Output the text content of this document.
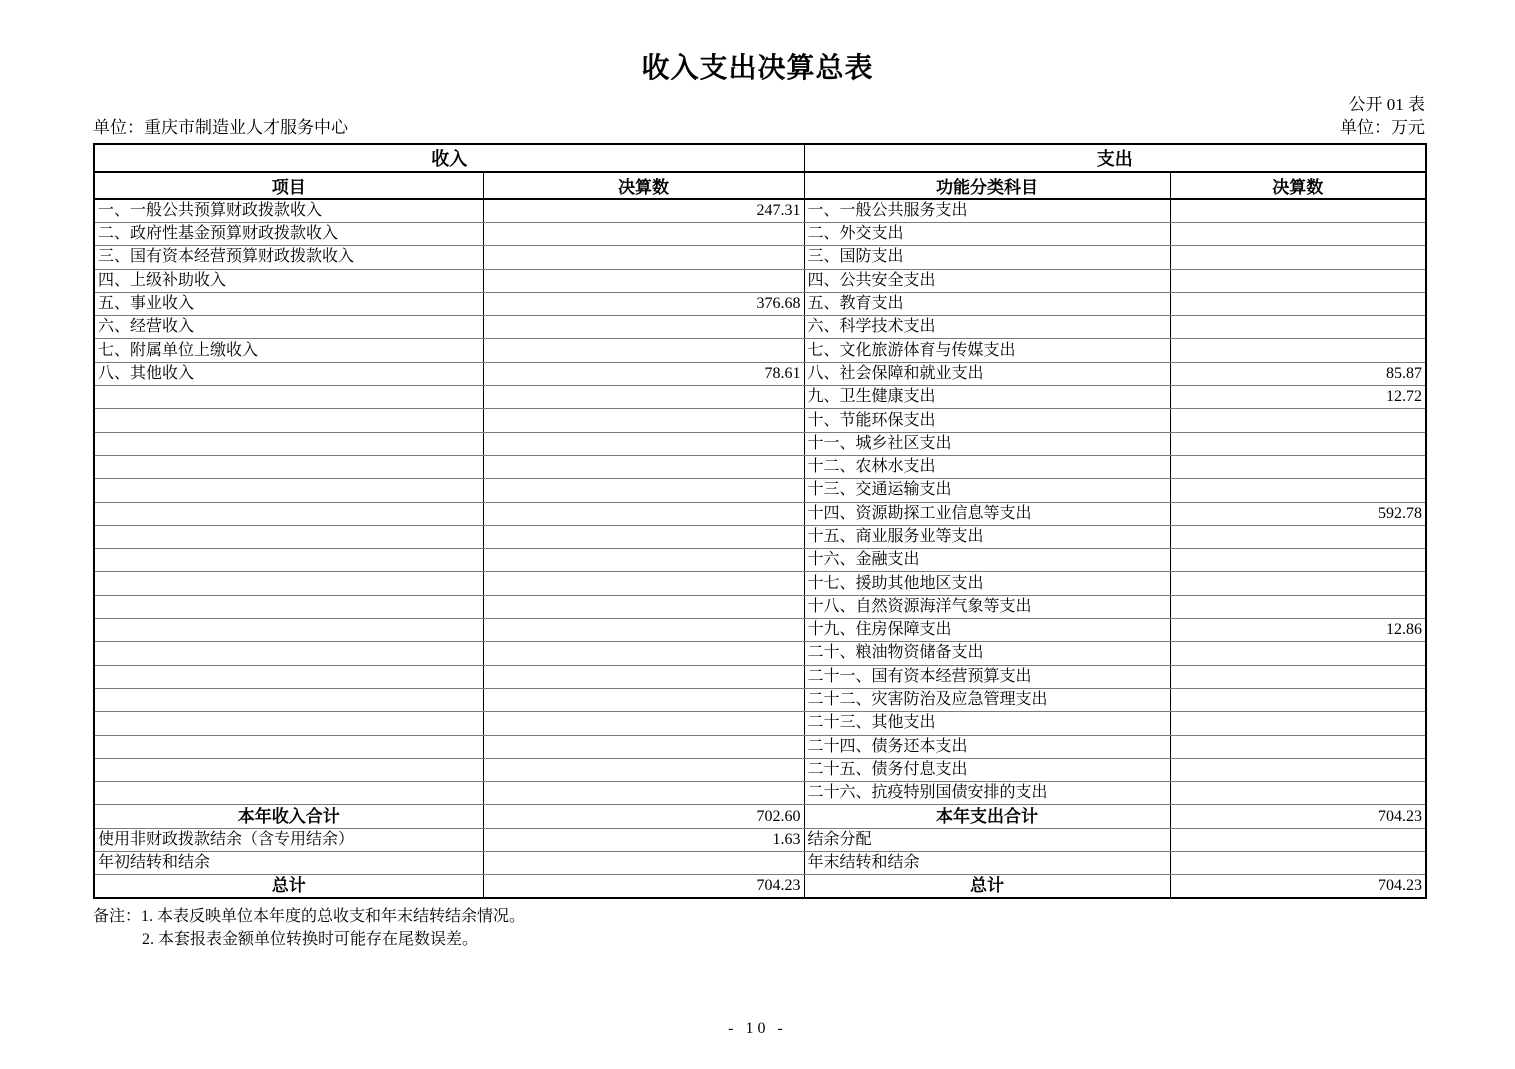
收入支出决算总表
公开 01 表
单位：重庆市制造业人才服务中心	单位：万元
收入		支出	
项目	决算数	功能分类科目	决算数
一、一般公共预算财政拨款收入	247.31	一、一般公共服务支出	
二、政府性基金预算财政拨款收入		二、外交支出	
三、国有资本经营预算财政拨款收入		三、国防支出	
四、上级补助收入		四、公共安全支出	
五、事业收入	376.68	五、教育支出	
六、经营收入		六、科学技术支出	
七、附属单位上缴收入		七、文化旅游体育与传媒支出	
八、其他收入	78.61	八、社会保障和就业支出	85.87
		九、卫生健康支出	12.72
		十、节能环保支出	
		十一、城乡社区支出	
		十二、农林水支出	
		十三、交通运输支出	
		十四、资源勘探工业信息等支出	592.78
		十五、商业服务业等支出	
		十六、金融支出	
		十七、援助其他地区支出	
		十八、自然资源海洋气象等支出	
		十九、住房保障支出	12.86
		二十、粮油物资储备支出	
		二十一、国有资本经营预算支出	
		二十二、灾害防治及应急管理支出	
		二十三、其他支出	
		二十四、债务还本支出	
		二十五、债务付息支出	
		二十六、抗疫特别国债安排的支出	
本年收入合计	702.60	本年支出合计	704.23
使用非财政拨款结余（含专用结余）	1.63	结余分配	
年初结转和结余		年末结转和结余	
总计	704.23	总计	704.23
备注：1. 本表反映单位本年度的总收支和年末结转结余情况。
2. 本套报表金额单位转换时可能存在尾数误差。
- 10 -
